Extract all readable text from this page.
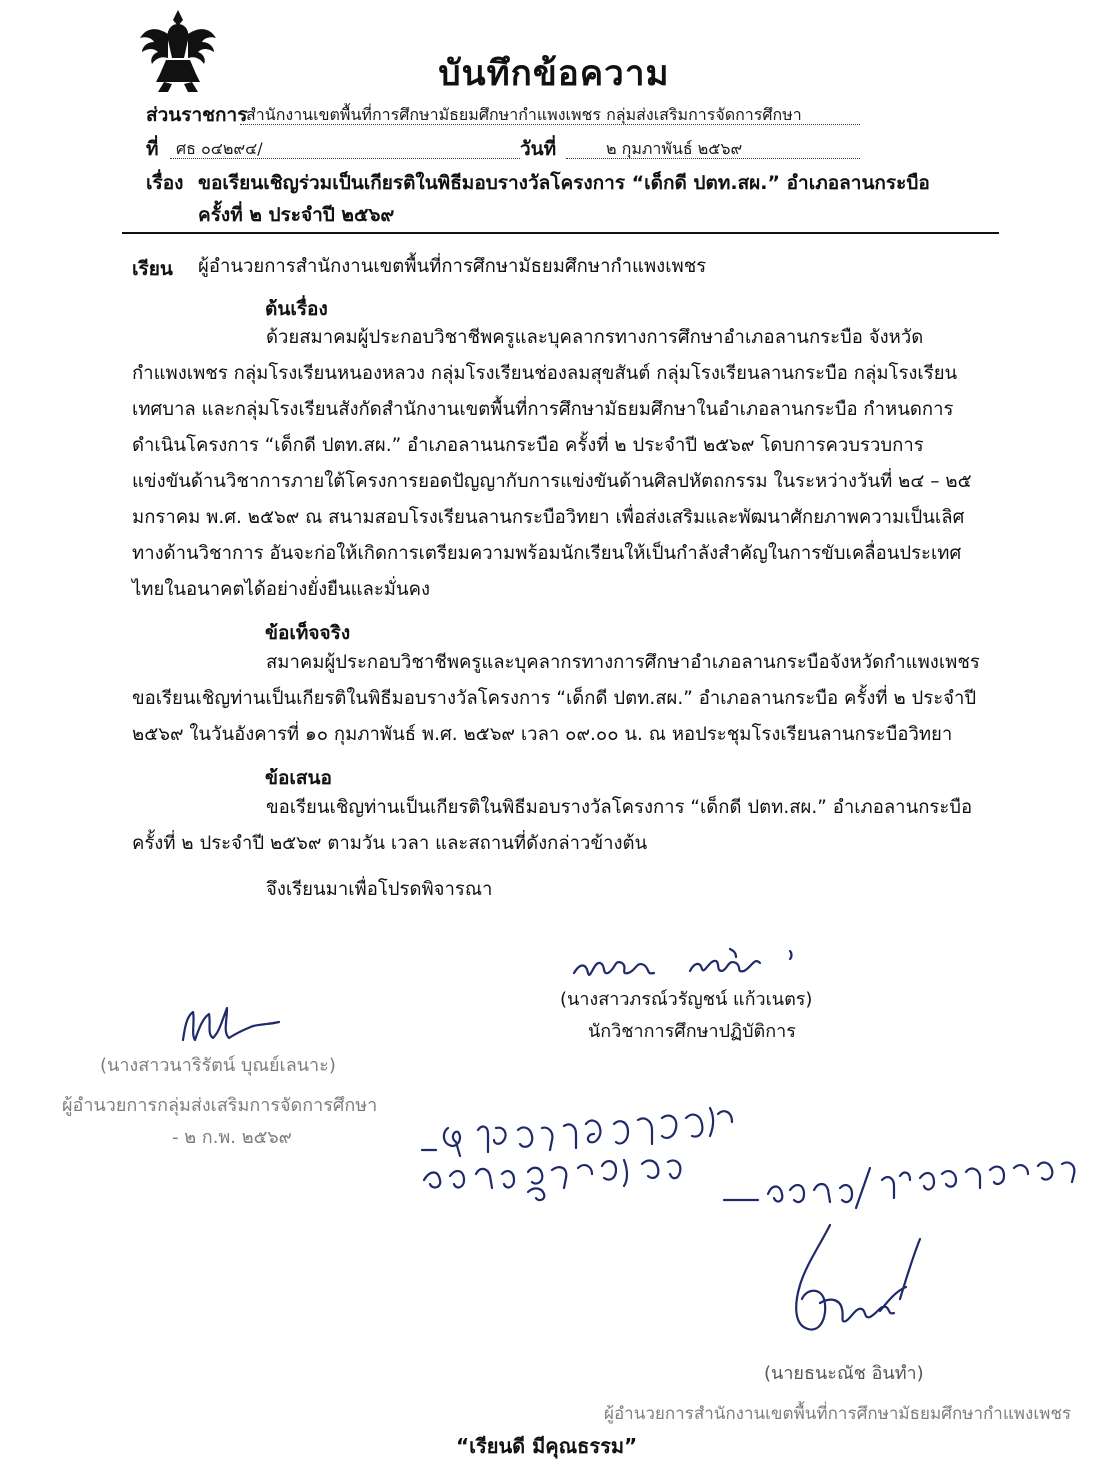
บันทึกข้อความ
ส่วนราชการ
สำนักงานเขตพื้นที่การศึกษามัธยมศึกษากำแพงเพชร กลุ่มส่งเสริมการจัดการศึกษา
ที่ ศธ ๐๔๒๙๔/	วันที่	๒ กุมภาพันธ์ ๒๕๖๙
เรื่อง ขอเรียนเชิญร่วมเป็นเกียรติในพิธีมอบรางวัลโครงการ “เด็กดี ปตท.สผ.” อำเภอลานกระบือ
ครั้งที่ ๒ ประจำปี ๒๕๖๙
เรียน ผู้อำนวยการสำนักงานเขตพื้นที่การศึกษามัธยมศึกษากำแพงเพชร
ต้นเรื่อง
ด้วยสมาคมผู้ประกอบวิชาชีพครูและบุคลากรทางการศึกษาอำเภอลานกระบือ จังหวัด
กำแพงเพชร กลุ่มโรงเรียนหนองหลวง กลุ่มโรงเรียนช่องลมสุขสันต์ กลุ่มโรงเรียนลานกระบือ กลุ่มโรงเรียน
เทศบาล และกลุ่มโรงเรียนสังกัดสำนักงานเขตพื้นที่การศึกษามัธยมศึกษาในอำเภอลานกระบือ กำหนดการ
ดำเนินโครงการ “เด็กดี ปตท.สผ.” อำเภอลานนกระบือ ครั้งที่ ๒ ประจำปี ๒๕๖๙ โดบการควบรวบการ
แข่งขันด้านวิชาการภายใต้โครงการยอดปัญญากับการแข่งขันด้านศิลปหัตถกรรม ในระหว่างวันที่ ๒๔ – ๒๕
มกราคม พ.ศ. ๒๕๖๙ ณ สนามสอบโรงเรียนลานกระบือวิทยา เพื่อส่งเสริมและพัฒนาศักยภาพความเป็นเลิศ
ทางด้านวิชาการ อันจะก่อให้เกิดการเตรียมความพร้อมนักเรียนให้เป็นกำลังสำคัญในการขับเคลื่อนประเทศ
ไทยในอนาคตได้อย่างยั่งยืนและมั่นคง
ข้อเท็จจริง
สมาคมผู้ประกอบวิชาชีพครูและบุคลากรทางการศึกษาอำเภอลานกระบือจังหวัดกำแพงเพชร
ขอเรียนเชิญท่านเป็นเกียรติในพิธีมอบรางวัลโครงการ “เด็กดี ปตท.สผ.” อำเภอลานกระบือ ครั้งที่ ๒ ประจำปี
๒๕๖๙ ในวันอังคารที่ ๑๐ กุมภาพันธ์ พ.ศ. ๒๕๖๙ เวลา ๐๙.๐๐ น. ณ หอประชุมโรงเรียนลานกระบือวิทยา
ข้อเสนอ
ขอเรียนเชิญท่านเป็นเกียรติในพิธีมอบรางวัลโครงการ “เด็กดี ปตท.สผ.” อำเภอลานกระบือ
ครั้งที่ ๒ ประจำปี ๒๕๖๙ ตามวัน เวลา และสถานที่ดังกล่าวข้างต้น
จึงเรียนมาเพื่อโปรดพิจารณา
(นางสาวภรณ์วรัญชน์ แก้วเนตร)
นักวิชาการศึกษาปฏิบัติการ
(นางสาวนาริรัตน์ บุณย์เลนาะ)
ผู้อำนวยการกลุ่มส่งเสริมการจัดการศึกษา
- ๒ ก.พ. ๒๕๖๙
(นายธนะณัช อินทำ)
ผู้อำนวยการสำนักงานเขตพื้นที่การศึกษามัธยมศึกษากำแพงเพชร
“เรียนดี มีคุณธรรม”
